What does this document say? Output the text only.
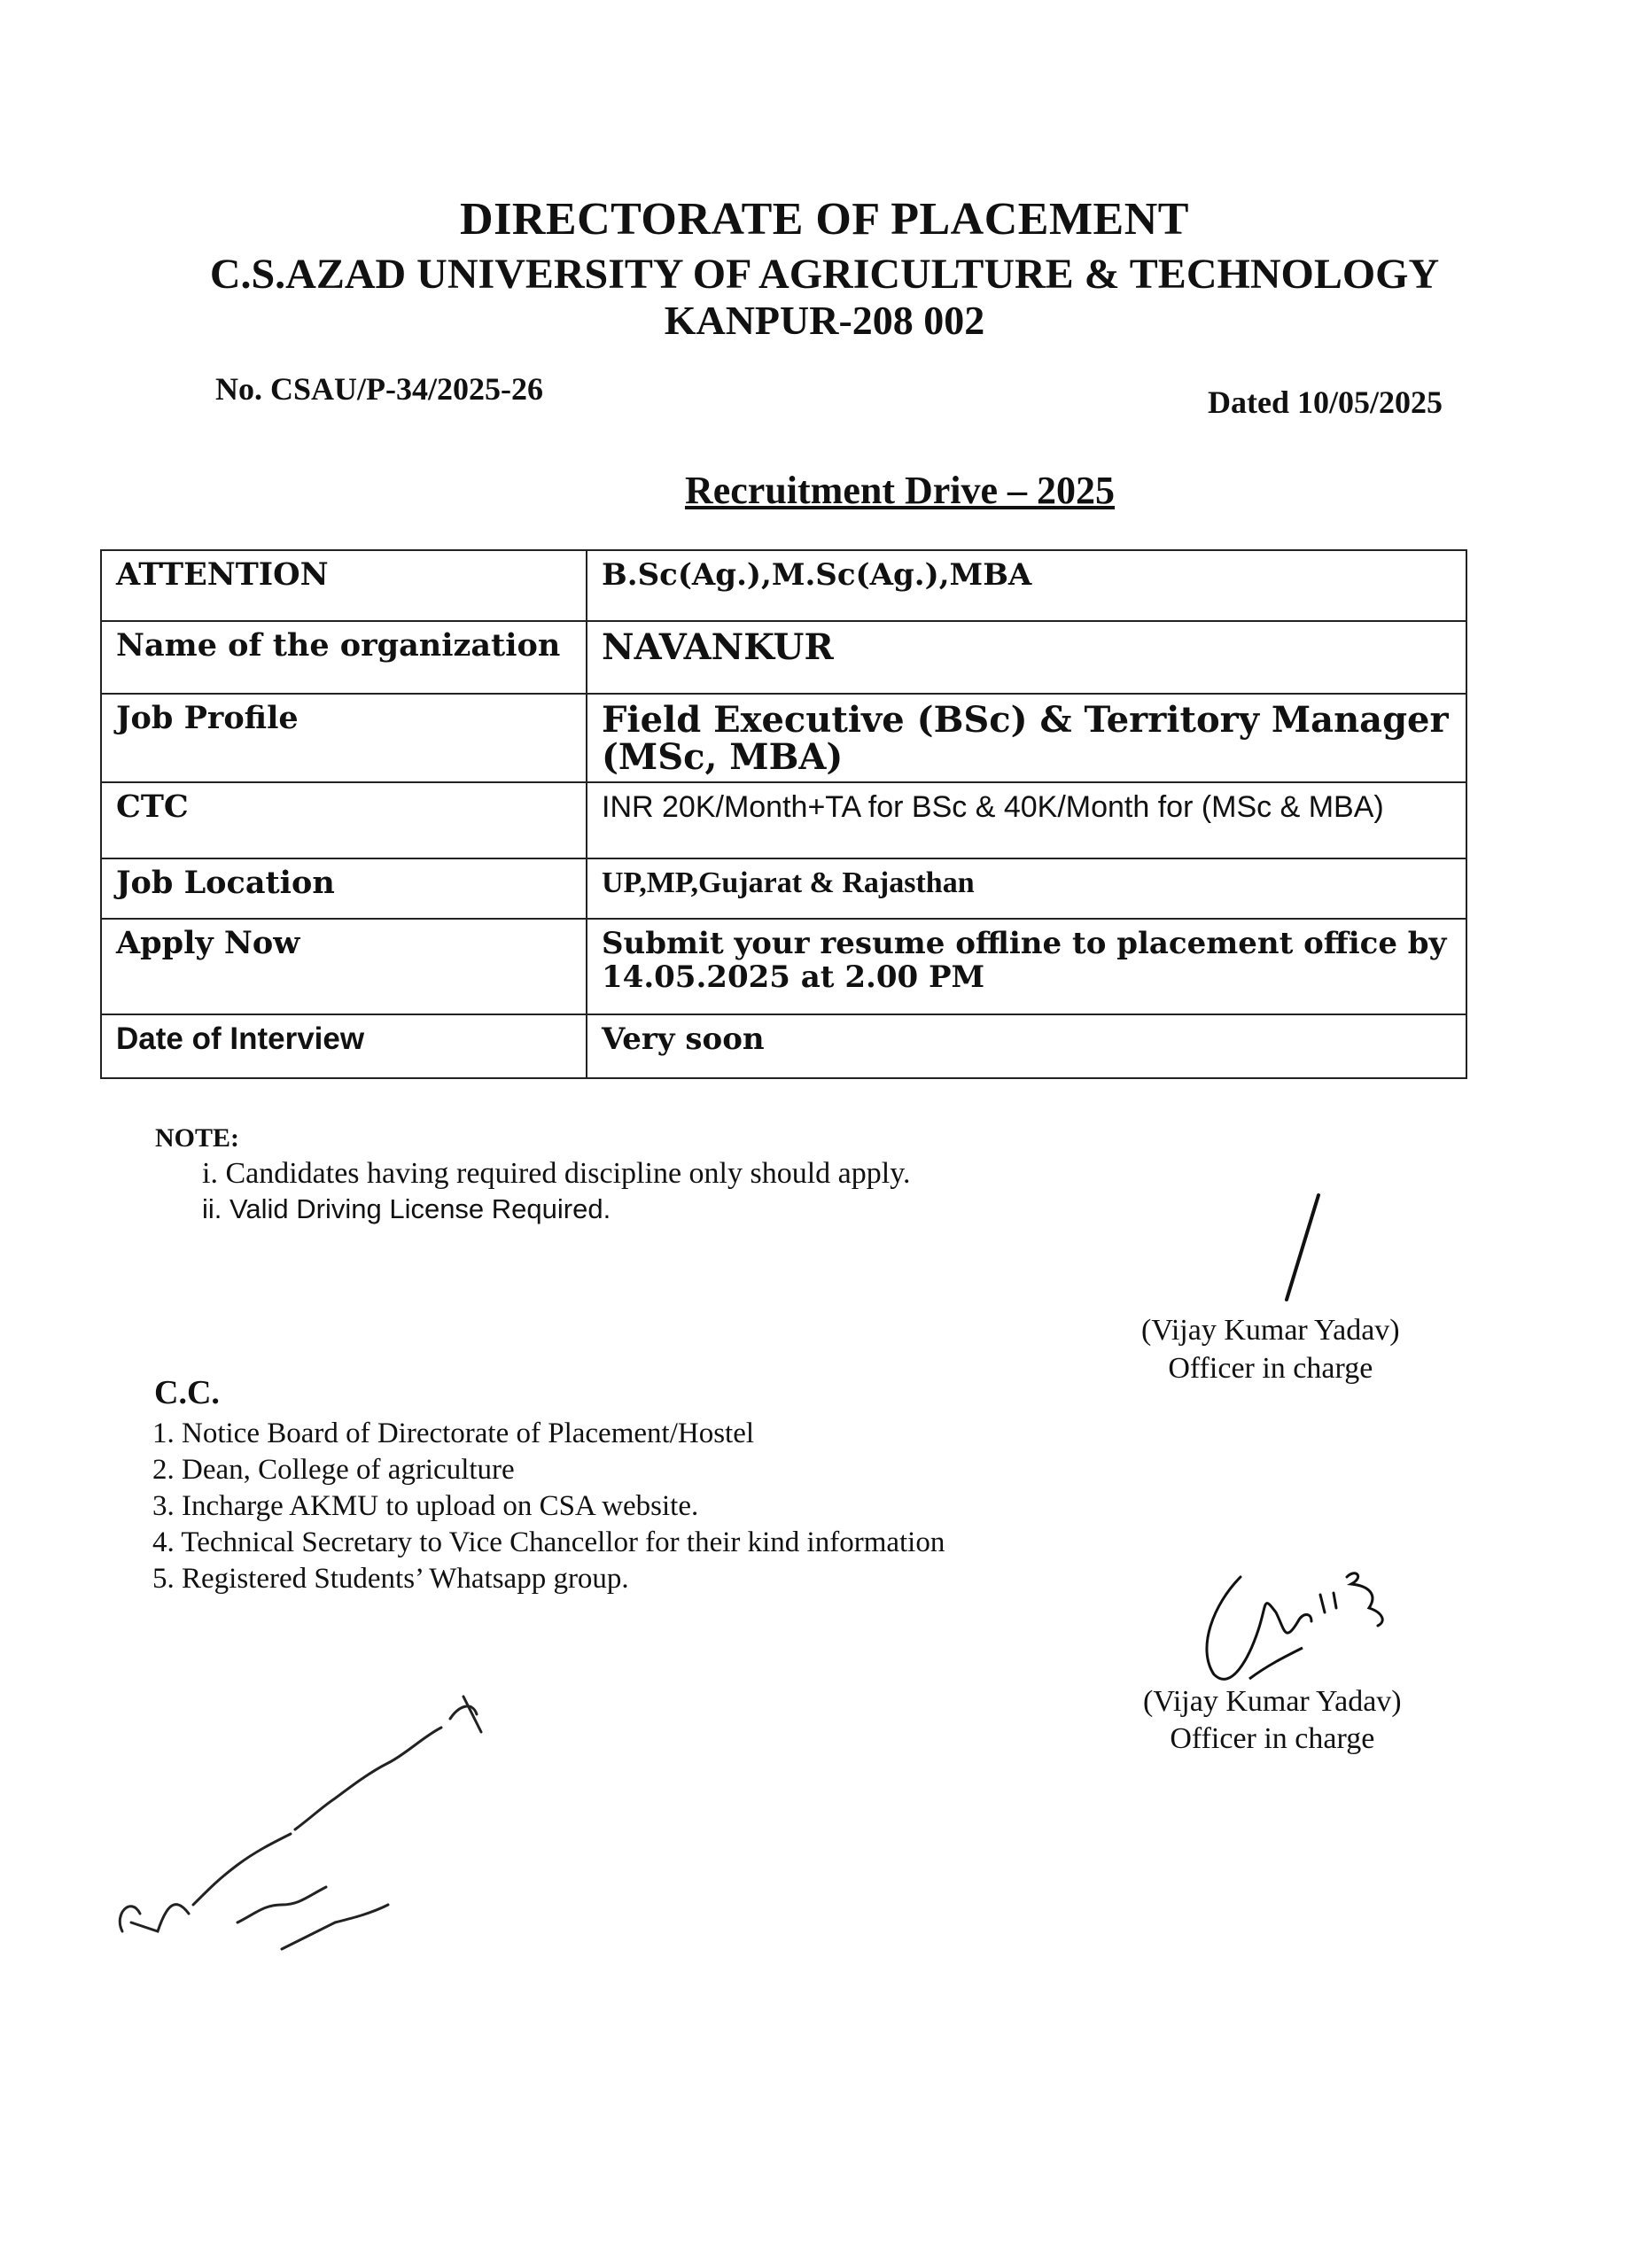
DIRECTORATE OF PLACEMENT
C.S.AZAD UNIVERSITY OF AGRICULTURE & TECHNOLOGY
KANPUR-208 002
No. CSAU/P-34/2025-26	Dated 10/05/2025
Recruitment Drive – 2025
ATTENTION	B.Sc(Ag.),M.Sc(Ag.),MBA
Name of the organization	NAVANKUR
Job Profile	Field Executive (BSc) & Territory Manager (MSc, MBA)
CTC	INR 20K/Month+TA for BSc & 40K/Month for (MSc & MBA)
Job Location	UP,MP,Gujarat & Rajasthan
Apply Now	Submit your resume offline to placement office by 14.05.2025 at 2.00 PM
Date of Interview	Very soon
NOTE:
i. Candidates having required discipline only should apply.
ii. Valid Driving License Required.
(Vijay Kumar Yadav)
Officer in charge
C.C.
1. Notice Board of Directorate of Placement/Hostel
2. Dean, College of agriculture
3. Incharge AKMU to upload on CSA website.
4. Technical Secretary to Vice Chancellor for their kind information
5. Registered Students’ Whatsapp group.
(Vijay Kumar Yadav)
Officer in charge
